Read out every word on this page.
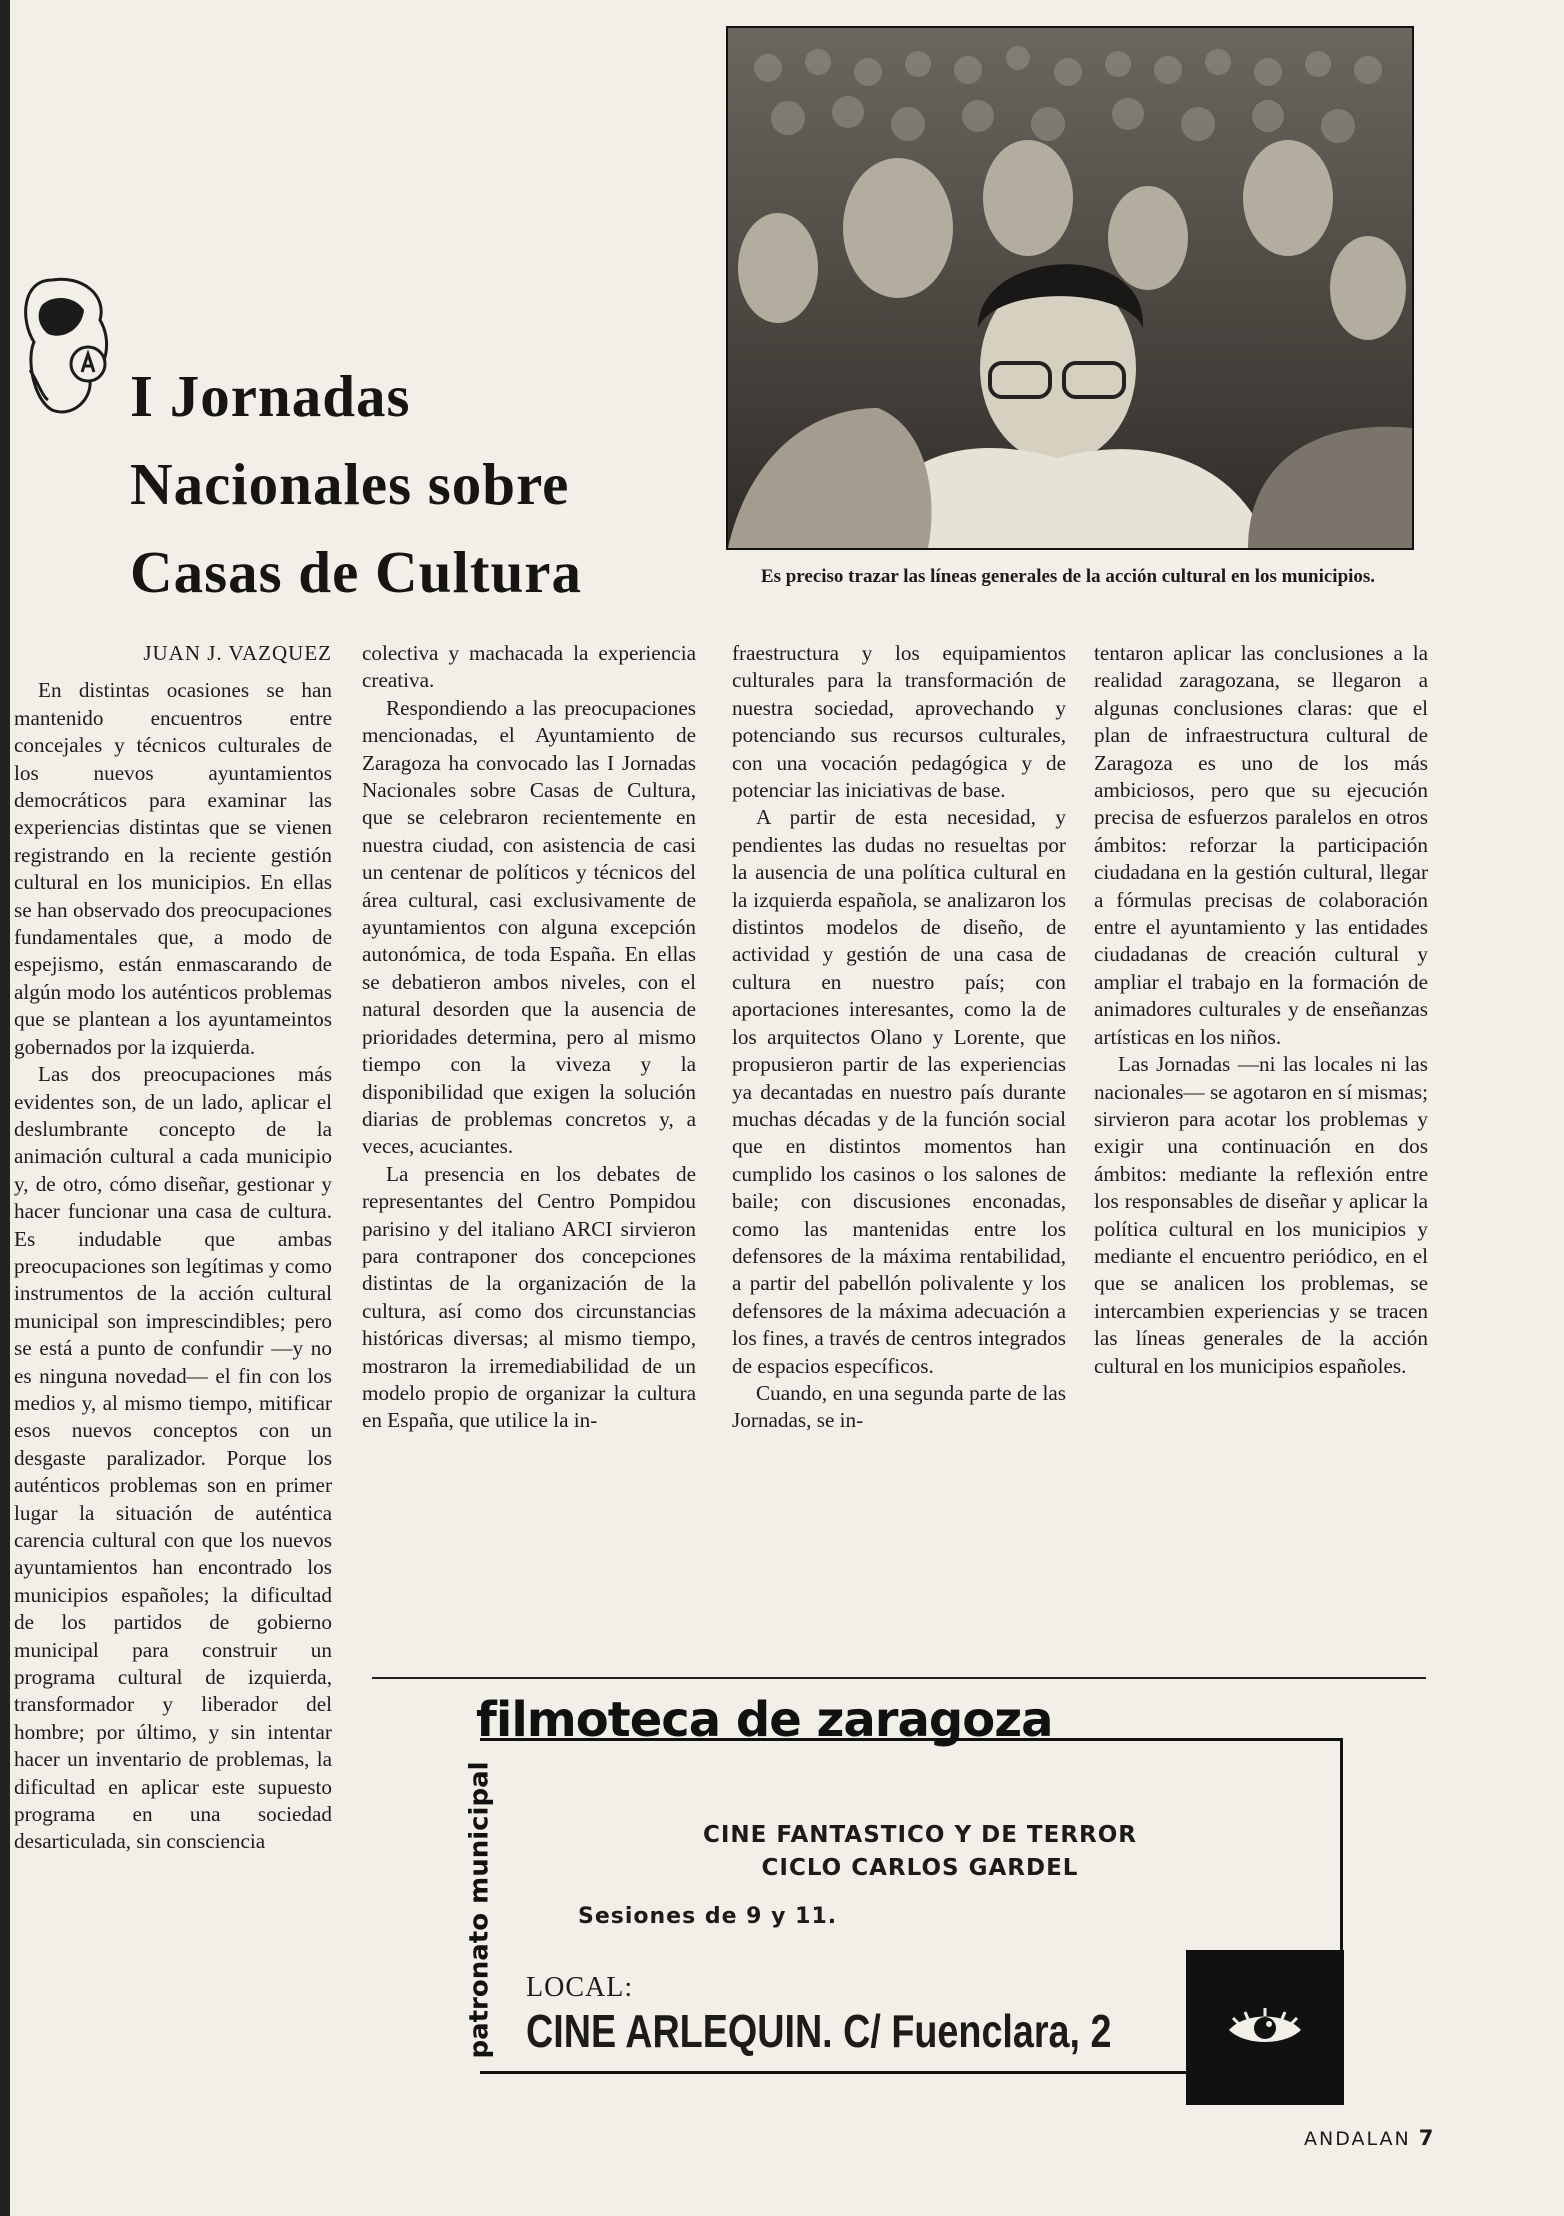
I Jornadas
Nacionales sobre
Casas de Cultura	Es preciso trazar las líneas generales de la acción cultural en los municipios.
JUAN J. VAZQUEZ

En distintas ocasiones se han mantenido encuentros entre concejales y técnicos culturales de los nuevos ayuntamientos democráticos para examinar las experiencias distintas que se vienen registrando en la reciente gestión cultural en los municipios. En ellas se han observado dos preocupaciones fundamentales que, a modo de espejismo, están enmascarando de algún modo los auténticos problemas que se plantean a los ayuntameintos gobernados por la izquierda.

Las dos preocupaciones más evidentes son, de un lado, aplicar el deslumbrante concepto de la animación cultural a cada municipio y, de otro, cómo diseñar, gestionar y hacer funcionar una casa de cultura. Es indudable que ambas preocupaciones son legítimas y como instrumentos de la acción cultural municipal son imprescindibles; pero se está a punto de confundir —y no es ninguna novedad— el fin con los medios y, al mismo tiempo, mitificar esos nuevos conceptos con un desgaste paralizador. Porque los auténticos problemas son en primer lugar la situación de auténtica carencia cultural con que los nuevos ayuntamientos han encontrado los municipios españoles; la dificultad de los partidos de gobierno municipal para construir un programa cultural de izquierda, transformador y liberador del hombre; por último, y sin intentar hacer un inventario de problemas, la dificultad en aplicar este supuesto programa en una sociedad desarticulada, sin consciencia

colectiva y machacada la experiencia creativa.

Respondiendo a las preocupaciones mencionadas, el Ayuntamiento de Zaragoza ha convocado las I Jornadas Nacionales sobre Casas de Cultura, que se celebraron recientemente en nuestra ciudad, con asistencia de casi un centenar de políticos y técnicos del área cultural, casi exclusivamente de ayuntamientos con alguna excepción autonómica, de toda España. En ellas se debatieron ambos niveles, con el natural desorden que la ausencia de prioridades determina, pero al mismo tiempo con la viveza y la disponibilidad que exigen la solución diarias de problemas concretos y, a veces, acuciantes.

La presencia en los debates de representantes del Centro Pompidou parisino y del italiano ARCI sirvieron para contraponer dos concepciones distintas de la organización de la cultura, así como dos circunstancias históricas diversas; al mismo tiempo, mostraron la irremediabilidad de un modelo propio de organizar la cultura en España, que utilice la in-

fraestructura y los equipamientos culturales para la transformación de nuestra sociedad, aprovechando y potenciando sus recursos culturales, con una vocación pedagógica y de potenciar las iniciativas de base.

A partir de esta necesidad, y pendientes las dudas no resueltas por la ausencia de una política cultural en la izquierda española, se analizaron los distintos modelos de diseño, de actividad y gestión de una casa de cultura en nuestro país; con aportaciones interesantes, como la de los arquitectos Olano y Lorente, que propusieron partir de las experiencias ya decantadas en nuestro país durante muchas décadas y de la función social que en distintos momentos han cumplido los casinos o los salones de baile; con discusiones enconadas, como las mantenidas entre los defensores de la máxima rentabilidad, a partir del pabellón polivalente y los defensores de la máxima adecuación a los fines, a través de centros integrados de espacios específicos.

Cuando, en una segunda parte de las Jornadas, se in-

tentaron aplicar las conclusiones a la realidad zaragozana, se llegaron a algunas conclusiones claras: que el plan de infraestructura cultural de Zaragoza es uno de los más ambiciosos, pero que su ejecución precisa de esfuerzos paralelos en otros ámbitos: reforzar la participación ciudadana en la gestión cultural, llegar a fórmulas precisas de colaboración entre el ayuntamiento y las entidades ciudadanas de creación cultural y ampliar el trabajo en la formación de animadores culturales y de enseñanzas artísticas en los niños.

Las Jornadas —ni las locales ni las nacionales— se agotaron en sí mismas; sirvieron para acotar los problemas y exigir una continuación en dos ámbitos: mediante la reflexión entre los responsables de diseñar y aplicar la política cultural en los municipios y mediante el encuentro periódico, en el que se analicen los problemas, se intercambien experiencias y se tracen las líneas generales de la acción cultural en los municipios españoles.

filmoteca de zaragoza
patronato municipal	CINE FANTASTICO Y DE TERROR
CICLO CARLOS GARDEL
Sesiones de 9 y 11.
LOCAL:
CINE ARLEQUIN. C/ Fuenclara, 2
ANDALAN 7
